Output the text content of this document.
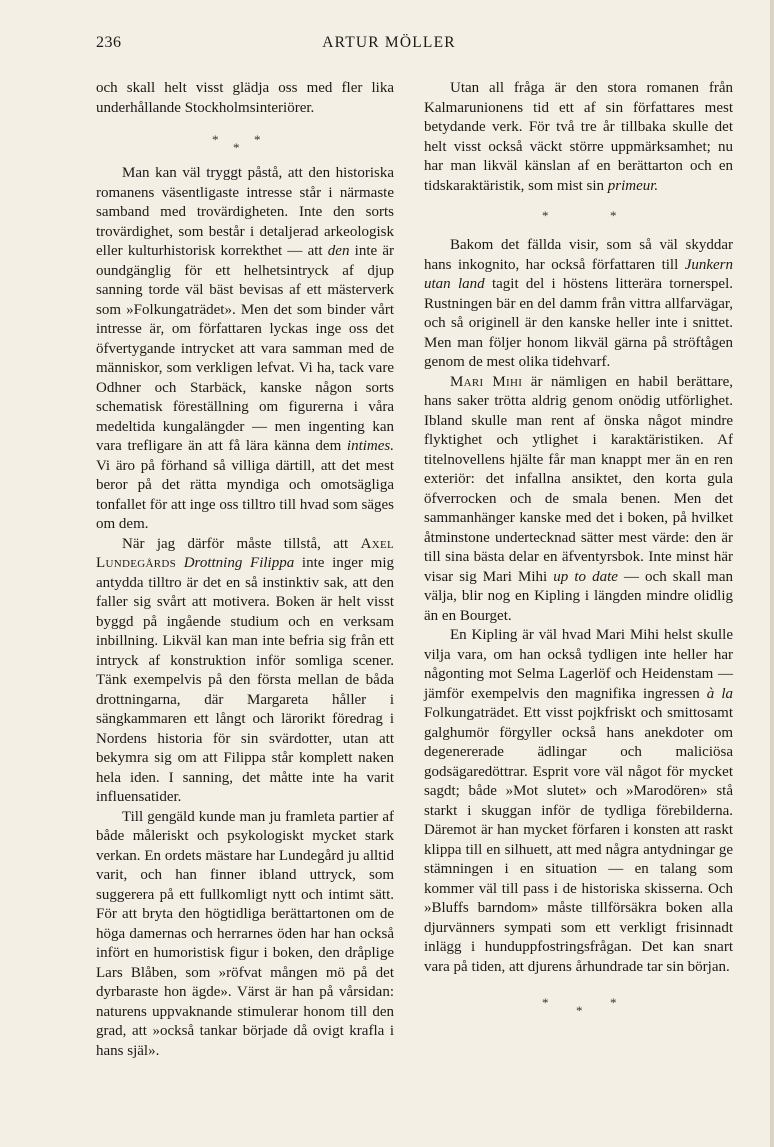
236	ARTUR MÖLLER

och skall helt visst glädja oss med fler lika underhållande Stockholmsinteriörer.

*
*
*

Man kan väl tryggt påstå, att den historiska romanens väsentligaste intresse står i närmaste samband med trovärdigheten. Inte den sorts trovärdighet, som består i detaljerad arkeologisk eller kulturhistorisk korrekthet — att den inte är oundgänglig för ett helhetsintryck af djup sanning torde väl bäst bevisas af ett mästerverk som »Folkungaträdet». Men det som binder vårt intresse är, om författaren lyckas inge oss det öfvertygande intrycket att vara samman med de människor, som verkligen lefvat. Vi ha, tack vare Odhner och Starbäck, kanske någon sorts schematisk föreställning om figurerna i våra medeltida kungalängder — men ingenting kan vara trefligare än att få lära känna dem intimes. Vi äro på förhand så villiga därtill, att det mest beror på det rätta myndiga och omotsägliga tonfallet för att inge oss tilltro till hvad som säges om dem.

När jag därför måste tillstå, att Axel Lundegårds Drottning Filippa inte inger mig antydda tilltro är det en så instinktiv sak, att den faller sig svårt att motivera. Boken är helt visst byggd på ingående studium och en verksam inbillning. Likväl kan man inte befria sig från ett intryck af konstruktion inför somliga scener. Tänk exempelvis på den första mellan de båda drottningarna, där Margareta håller i sängkammaren ett långt och lärorikt föredrag i Nordens historia för sin svärdotter, utan att bekymra sig om att Filippa står komplett naken hela iden. I sanning, det måtte inte ha varit influensatider.

Till gengäld kunde man ju framleta partier af både måleriskt och psykologiskt mycket stark verkan. En ordets mästare har Lundegård ju alltid varit, och han finner ibland uttryck, som suggerera på ett fullkomligt nytt och intimt sätt. För att bryta den högtidliga berättartonen om de höga damernas och herrarnes öden har han också infört en humoristisk figur i boken, den dråplige Lars Blåben, som »röfvat mången mö på det dyrbaraste hon ägde». Värst är han på vårsidan: naturens uppvaknande stimulerar honom till den grad, att »också tankar började då ovigt krafla i hans själ».

Utan all fråga är den stora romanen från Kalmarunionens tid ett af sin författares mest betydande verk. För två tre år tillbaka skulle det helt visst också väckt större uppmärksamhet; nu har man likväl känslan af en berättarton och en tidskaraktäristik, som mist sin primeur.

*	*

Bakom det fällda visir, som så väl skyddar hans inkognito, har också författaren till Junkern utan land tagit del i höstens litterära tornerspel. Rustningen bär en del damm från vittra allfarvägar, och så originell är den kanske heller inte i snittet. Men man följer honom likväl gärna på ströftågen genom de mest olika tidehvarf.

Mari Mihi är nämligen en habil berättare, hans saker trötta aldrig genom onödig utförlighet. Ibland skulle man rent af önska något mindre flyktighet och ytlighet i karaktäristiken. Af titelnovellens hjälte får man knappt mer än en ren exteriör: det infallna ansiktet, den korta gula öfverrocken och de smala benen. Men det sammanhänger kanske med det i boken, på hvilket åtminstone undertecknad sätter mest värde: den är till sina bästa delar en äfventyrsbok. Inte minst här visar sig Mari Mihi up to date — och skall man välja, blir nog en Kipling i längden mindre olidlig än en Bourget.

En Kipling är väl hvad Mari Mihi helst skulle vilja vara, om han också tydligen inte heller har någonting mot Selma Lagerlöf och Heidenstam — jämför exempelvis den magnifika ingressen à la Folkungaträdet. Ett visst pojkfriskt och smittosamt galghumör förgyller också hans anekdoter om degenererade ädlingar och maliciösa godsägaredöttrar. Esprit vore väl något för mycket sagdt; både »Mot slutet» och »Marodören» stå starkt i skuggan inför de tydliga förebilderna. Däremot är han mycket förfaren i konsten att raskt klippa till en silhuett, att med några antydningar ge stämningen i en situation — en talang som kommer väl till pass i de historiska skisserna. Och »Bluffs barndom» måste tillförsäkra boken alla djurvänners sympati som ett verkligt frisinnadt inlägg i hunduppfostringsfrågan. Det kan snart vara på tiden, att djurens århundrade tar sin början.

*
*
*
